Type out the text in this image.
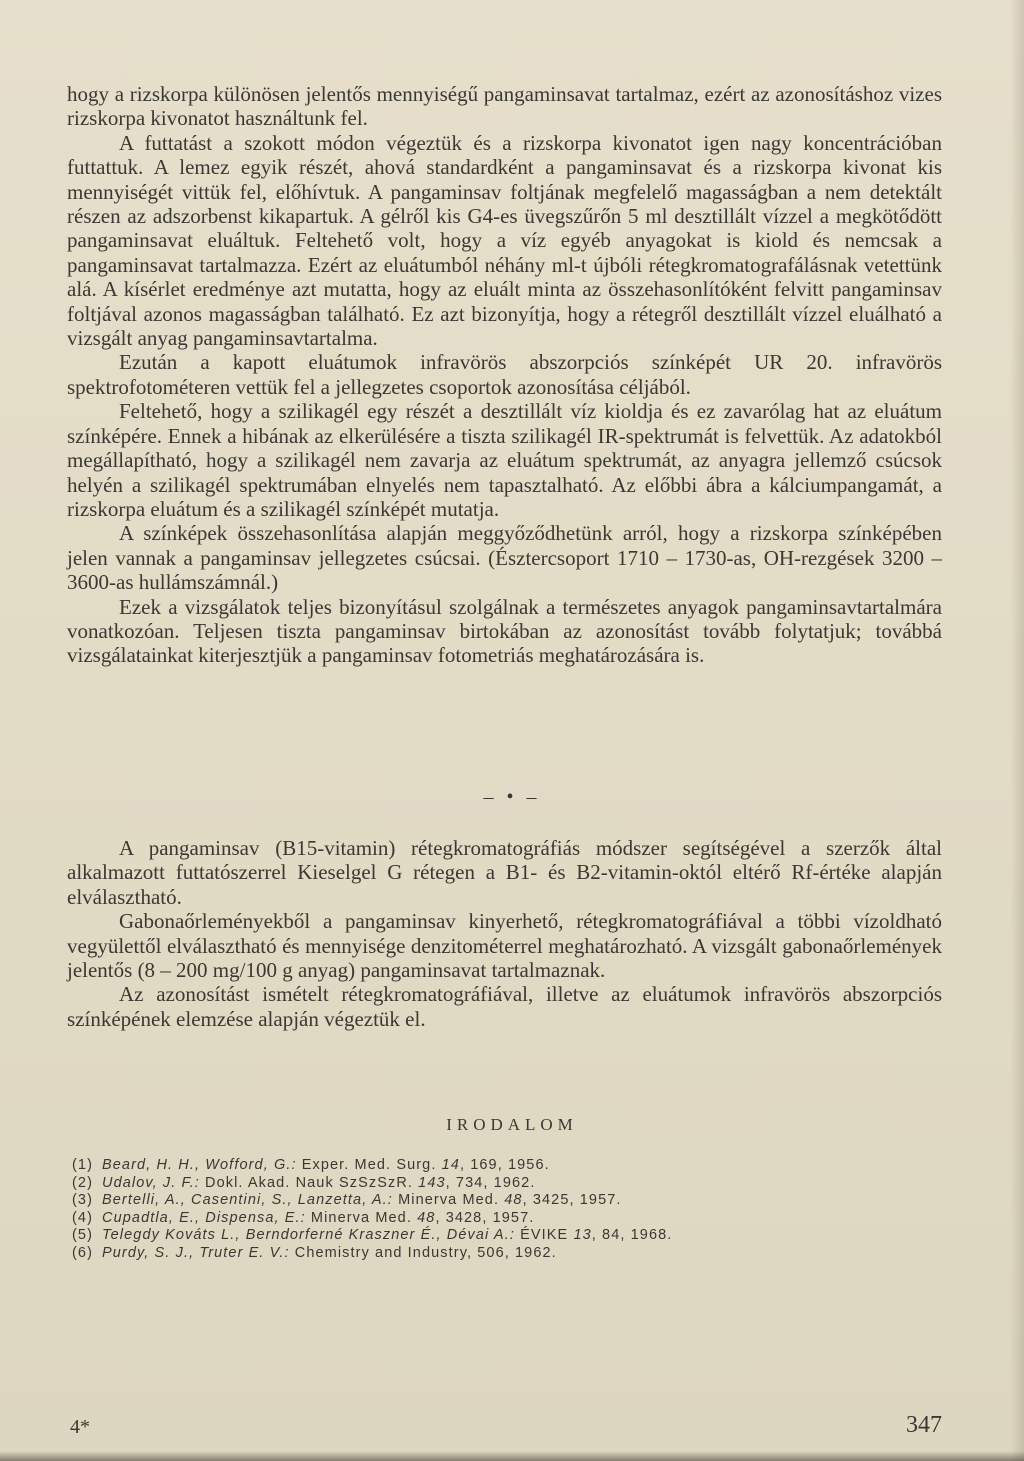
hogy a rizskorpa különösen jelentős mennyiségű pangaminsavat tartalmaz, ezért az azonosításhoz vizes rizskorpa kivonatot használtunk fel.

A futtatást a szokott módon végeztük és a rizskorpa kivonatot igen nagy koncentrációban futtattuk. A lemez egyik részét, ahová standardként a pangaminsavat és a rizskorpa kivonat kis mennyiségét vittük fel, előhívtuk. A pangaminsav foltjának megfelelő magasságban a nem detektált részen az adszorbenst kikapartuk. A gélről kis G4-es üvegszűrőn 5 ml desztillált vízzel a megkötődött pangaminsavat eluáltuk. Feltehető volt, hogy a víz egyéb anyagokat is kiold és nemcsak a pangaminsavat tartalmazza. Ezért az eluátumból néhány ml-t újbóli rétegkromatografálásnak vetettünk alá. A kísérlet eredménye azt mutatta, hogy az eluált minta az összehasonlítóként felvitt pangaminsav foltjával azonos magasságban található. Ez azt bizonyítja, hogy a rétegről desztillált vízzel eluálható a vizsgált anyag pangaminsavtartalma.

Ezután a kapott eluátumok infravörös abszorpciós színképét UR 20. infravörös spektrofotométeren vettük fel a jellegzetes csoportok azonosítása céljából.

Feltehető, hogy a szilikagél egy részét a desztillált víz kioldja és ez zavarólag hat az eluátum színképére. Ennek a hibának az elkerülésére a tiszta szilikagél IR-spektrumát is felvettük. Az adatokból megállapítható, hogy a szilikagél nem zavarja az eluátum spektrumát, az anyagra jellemző csúcsok helyén a szilikagél spektrumában elnyelés nem tapasztalható. Az előbbi ábra a kálciumpangamát, a rizskorpa eluátum és a szilikagél színképét mutatja.

A színképek összehasonlítása alapján meggyőződhetünk arról, hogy a rizskorpa színképében jelen vannak a pangaminsav jellegzetes csúcsai. (Észtercsoport 1710 – 1730-as, OH-rezgések 3200 – 3600-as hullámszámnál.)

Ezek a vizsgálatok teljes bizonyításul szolgálnak a természetes anyagok pangaminsavtartalmára vonatkozóan. Teljesen tiszta pangaminsav birtokában az azonosítást tovább folytatjuk; továbbá vizsgálatainkat kiterjesztjük a pangaminsav fotometriás meghatározására is.

– • –

A pangaminsav (B15-vitamin) rétegkromatográfiás módszer segítségével a szerzők által alkalmazott futtatószerrel Kieselgel G rétegen a B1- és B2-vitamin-októl eltérő Rf-értéke alapján elválasztható.

Gabonaőrleményekből a pangaminsav kinyerhető, rétegkromatográfiával a többi vízoldható vegyülettől elválasztható és mennyisége denzitométerrel meghatározható. A vizsgált gabonaőrlemények jelentős (8 – 200 mg/100 g anyag) pangaminsavat tartalmaznak.

Az azonosítást ismételt rétegkromatográfiával, illetve az eluátumok infravörös abszorpciós színképének elemzése alapján végeztük el.

IRODALOM
(1) Beard, H. H., Wofford, G.: Exper. Med. Surg. 14, 169, 1956.
(2) Udalov, J. F.: Dokl. Akad. Nauk SzSzSzR. 143, 734, 1962.
(3) Bertelli, A., Casentini, S., Lanzetta, A.: Minerva Med. 48, 3425, 1957.
(4) Cupadtla, E., Dispensa, E.: Minerva Med. 48, 3428, 1957.
(5) Telegdy Kováts L., Berndorferné Kraszner É., Dévai A.: ÉVIKE 13, 84, 1968.
(6) Purdy, S. J., Truter E. V.: Chemistry and Industry, 506, 1962.
4*	347
